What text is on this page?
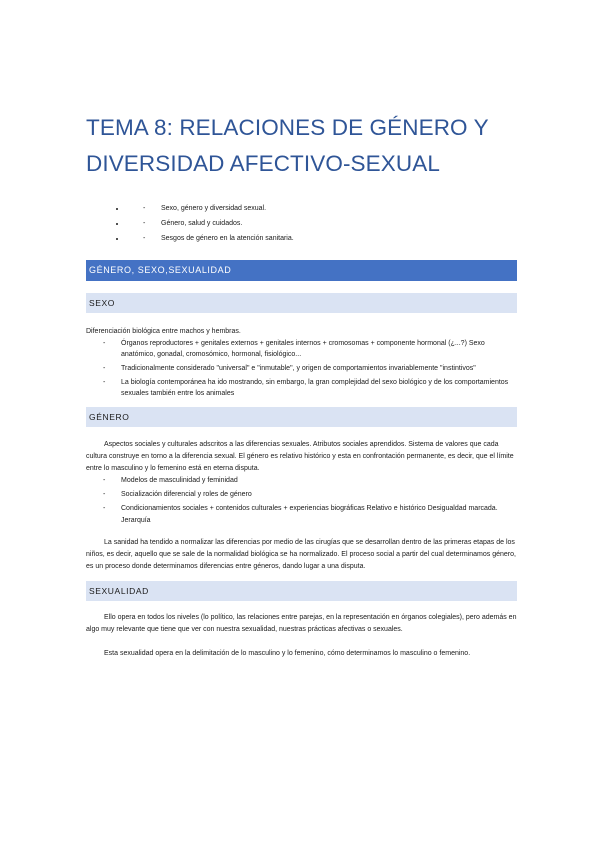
TEMA 8: RELACIONES DE GÉNERO Y
DIVERSIDAD AFECTIVO-SEXUAL
- • Sexo, género y diversidad sexual.
- • Género, salud y cuidados.
- • Sesgos de género en la atención sanitaria.
GÉNERO, SEXO,SEXUALIDAD
SEXO

Diferenciación biológica entre machos y hembras.

- Órganos reproductores + genitales externos + genitales internos + cromosomas + componente hormonal (¿...?) Sexo anatómico, gonadal, cromosómico, hormonal, fisiológico...
- Tradicionalmente considerado "universal" e "inmutable", y origen de comportamientos invariablemente "instintivos"
- La biología contemporánea ha ido mostrando, sin embargo, la gran complejidad del sexo biológico y de los comportamientos sexuales también entre los animales
GÉNERO

Aspectos sociales y culturales adscritos a las diferencias sexuales. Atributos sociales aprendidos. Sistema de valores que cada cultura construye en torno a la diferencia sexual. El género es relativo histórico y esta en confrontación permanente, es decir, que el límite entre lo masculino y lo femenino está en eterna disputa.

- Modelos de masculinidad y feminidad
- Socialización diferencial y roles de género
- Condicionamientos sociales + contenidos culturales + experiencias biográficas Relativo e histórico Desigualdad marcada. Jerarquía

La sanidad ha tendido a normalizar las diferencias por medio de las cirugías que se desarrollan dentro de las primeras etapas de los niños, es decir, aquello que se sale de la normalidad biológica se ha normalizado. El proceso social a partir del cual determinamos género, es un proceso donde determinamos diferencias entre géneros, dando lugar a una disputa.

SEXUALIDAD

Ello opera en todos los niveles (lo político, las relaciones entre parejas, en la representación en órganos colegiales), pero además en algo muy relevante que tiene que ver con nuestra sexualidad, nuestras prácticas afectivas o sexuales.

Esta sexualidad opera en la delimitación de lo masculino y lo femenino, cómo determinamos lo masculino o femenino.
